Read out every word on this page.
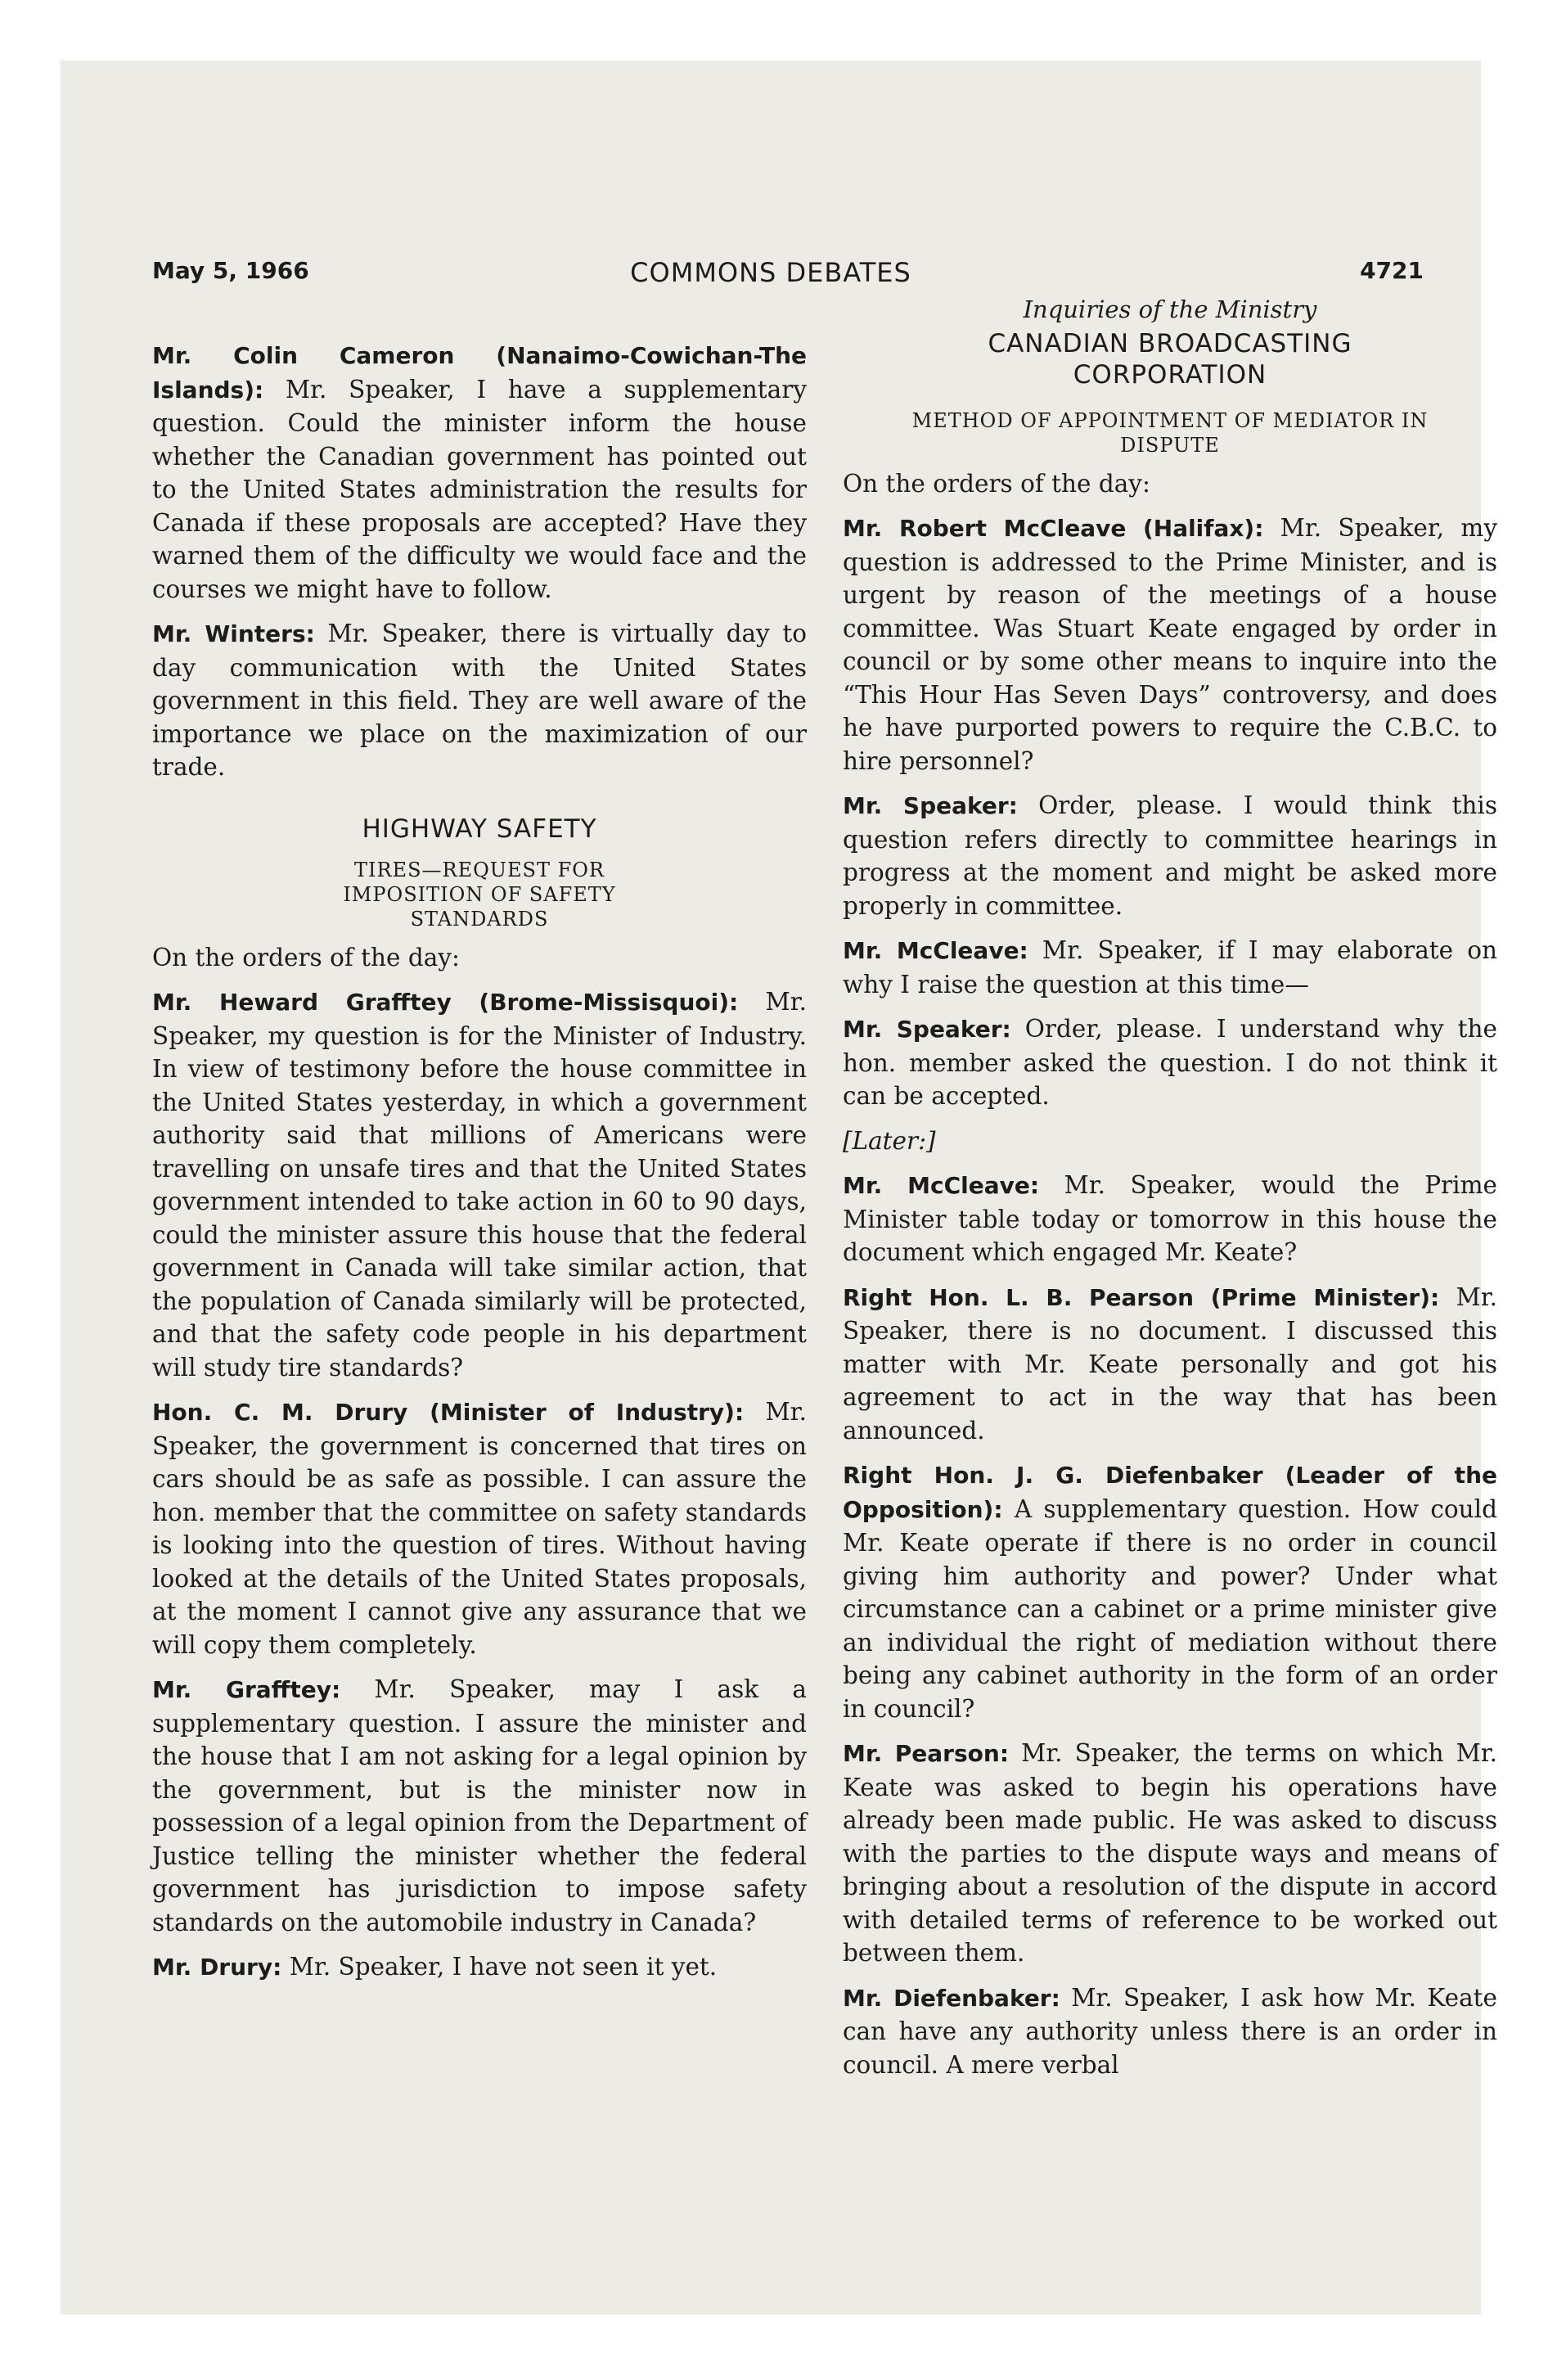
May 5, 1966	COMMONS DEBATES	4721

Mr. Colin Cameron (Nanaimo-Cowichan-The Islands): Mr. Speaker, I have a supplementary question. Could the minister inform the house whether the Canadian government has pointed out to the United States administration the results for Canada if these proposals are accepted? Have they warned them of the difficulty we would face and the courses we might have to follow.

Mr. Winters: Mr. Speaker, there is virtually day to day communication with the United States government in this field. They are well aware of the importance we place on the maximization of our trade.

HIGHWAY SAFETY
TIRES—REQUEST FOR IMPOSITION OF SAFETY STANDARDS

On the orders of the day:

Mr. Heward Grafftey (Brome-Missisquoi): Mr. Speaker, my question is for the Minister of Industry. In view of testimony before the house committee in the United States yesterday, in which a government authority said that millions of Americans were travelling on unsafe tires and that the United States government intended to take action in 60 to 90 days, could the minister assure this house that the federal government in Canada will take similar action, that the population of Canada similarly will be protected, and that the safety code people in his department will study tire standards?

Hon. C. M. Drury (Minister of Industry): Mr. Speaker, the government is concerned that tires on cars should be as safe as possible. I can assure the hon. member that the committee on safety standards is looking into the question of tires. Without having looked at the details of the United States proposals, at the moment I cannot give any assurance that we will copy them completely.

Mr. Grafftey: Mr. Speaker, may I ask a supplementary question. I assure the minister and the house that I am not asking for a legal opinion by the government, but is the minister now in possession of a legal opinion from the Department of Justice telling the minister whether the federal government has jurisdiction to impose safety standards on the automobile industry in Canada?

Mr. Drury: Mr. Speaker, I have not seen it yet.

Inquiries of the Ministry
CANADIAN BROADCASTING CORPORATION
METHOD OF APPOINTMENT OF MEDIATOR IN DISPUTE

On the orders of the day:

Mr. Robert McCleave (Halifax): Mr. Speaker, my question is addressed to the Prime Minister, and is urgent by reason of the meetings of a house committee. Was Stuart Keate engaged by order in council or by some other means to inquire into the “This Hour Has Seven Days” controversy, and does he have purported powers to require the C.B.C. to hire personnel?

Mr. Speaker: Order, please. I would think this question refers directly to committee hearings in progress at the moment and might be asked more properly in committee.

Mr. McCleave: Mr. Speaker, if I may elaborate on why I raise the question at this time—

Mr. Speaker: Order, please. I understand why the hon. member asked the question. I do not think it can be accepted.

[Later:]

Mr. McCleave: Mr. Speaker, would the Prime Minister table today or tomorrow in this house the document which engaged Mr. Keate?

Right Hon. L. B. Pearson (Prime Minister): Mr. Speaker, there is no document. I discussed this matter with Mr. Keate personally and got his agreement to act in the way that has been announced.

Right Hon. J. G. Diefenbaker (Leader of the Opposition): A supplementary question. How could Mr. Keate operate if there is no order in council giving him authority and power? Under what circumstance can a cabinet or a prime minister give an individual the right of mediation without there being any cabinet authority in the form of an order in council?

Mr. Pearson: Mr. Speaker, the terms on which Mr. Keate was asked to begin his operations have already been made public. He was asked to discuss with the parties to the dispute ways and means of bringing about a resolution of the dispute in accord with detailed terms of reference to be worked out between them.

Mr. Diefenbaker: Mr. Speaker, I ask how Mr. Keate can have any authority unless there is an order in council. A mere verbal
